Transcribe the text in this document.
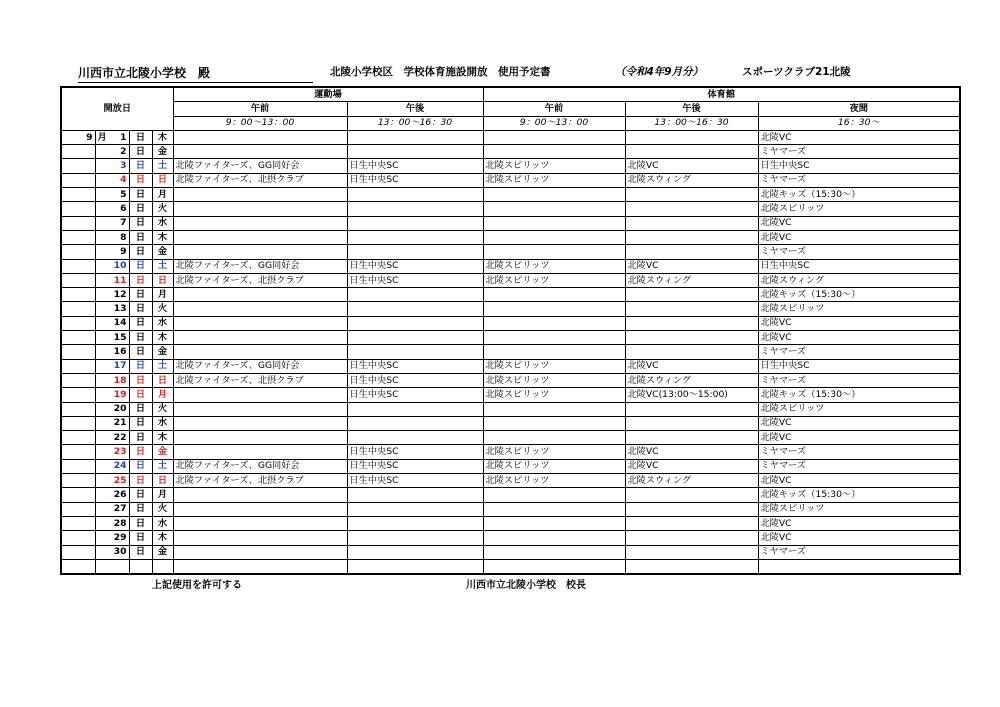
川西市立北陵小学校　殿	北陵小学校区　学校体育施設開放　使用予定書	（令和4年9月分）	スポーツクラブ21北陵
開放日				運動場		体育館		
				午前	午後	午前	午後	夜間
				9：00～13：00	13：00～16：30	9：00～13：00	13：00～16：30	16：30～
9	月 1	日	木					北陵VC
	2	日	金					ミヤマーズ
	3	日	土	北陵ファイターズ、GG同好会	日生中央SC	北陵スピリッツ	北陵VC	日生中央SC
	4	日	日	北陵ファイターズ、北摂クラブ	日生中央SC	北陵スピリッツ	北陵スウィング	ミヤマーズ
	5	日	月					北陵キッズ（15:30～）
	6	日	火					北陵スピリッツ
	7	日	水					北陵VC
	8	日	木					北陵VC
	9	日	金					ミヤマーズ
	10	日	土	北陵ファイターズ、GG同好会	日生中央SC	北陵スピリッツ	北陵VC	日生中央SC
	11	日	日	北陵ファイターズ、北摂クラブ	日生中央SC	北陵スピリッツ	北陵スウィング	北陵スウィング
	12	日	月					北陵キッズ（15:30～）
	13	日	火					北陵スピリッツ
	14	日	水					北陵VC
	15	日	木					北陵VC
	16	日	金					ミヤマーズ
	17	日	土	北陵ファイターズ、GG同好会	日生中央SC	北陵スピリッツ	北陵VC	日生中央SC
	18	日	日	北陵ファイターズ、北摂クラブ	日生中央SC	北陵スピリッツ	北陵スウィング	ミヤマーズ
	19	日	月		日生中央SC	北陵スピリッツ	北陵VC(13:00～15:00)	北陵キッズ（15:30～）
	20	日	火					北陵スピリッツ
	21	日	水					北陵VC
	22	日	木					北陵VC
	23	日	金		日生中央SC	北陵スピリッツ	北陵VC	ミヤマーズ
	24	日	土	北陵ファイターズ、GG同好会	日生中央SC	北陵スピリッツ	北陵VC	ミヤマーズ
	25	日	日	北陵ファイターズ、北摂クラブ	日生中央SC	北陵スピリッツ	北陵スウィング	北陵VC
	26	日	月					北陵キッズ（15:30～）
	27	日	火					北陵スピリッツ
	28	日	水					北陵VC
	29	日	木					北陵VC
	30	日	金					ミヤマーズ

上記使用を許可する	川西市立北陵小学校　校長
